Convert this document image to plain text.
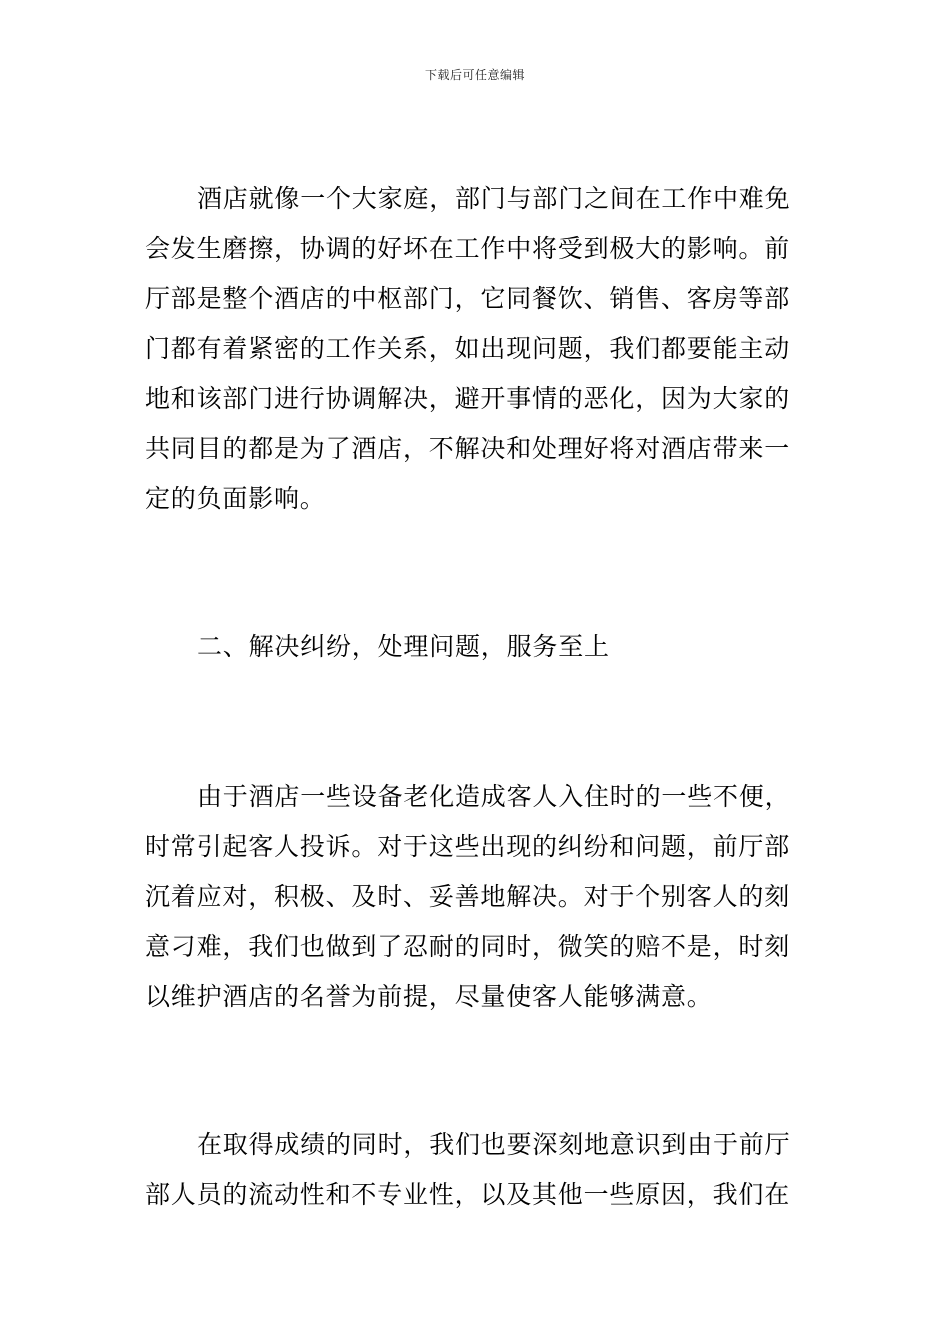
下载后可任意编辑
酒店就像一个大家庭，部门与部门之间在工作中难免
会发生磨擦，协调的好坏在工作中将受到极大的影响。前
厅部是整个酒店的中枢部门，它同餐饮、销售、客房等部
门都有着紧密的工作关系，如出现问题，我们都要能主动
地和该部门进行协调解决，避开事情的恶化，因为大家的
共同目的都是为了酒店，不解决和处理好将对酒店带来一
定的负面影响。
二、解决纠纷，处理问题，服务至上
由于酒店一些设备老化造成客人入住时的一些不便，
时常引起客人投诉。对于这些出现的纠纷和问题，前厅部
沉着应对，积极、及时、妥善地解决。对于个别客人的刻
意刁难，我们也做到了忍耐的同时，微笑的赔不是，时刻
以维护酒店的名誉为前提，尽量使客人能够满意。
在取得成绩的同时，我们也要深刻地意识到由于前厅
部人员的流动性和不专业性，以及其他一些原因，我们在
